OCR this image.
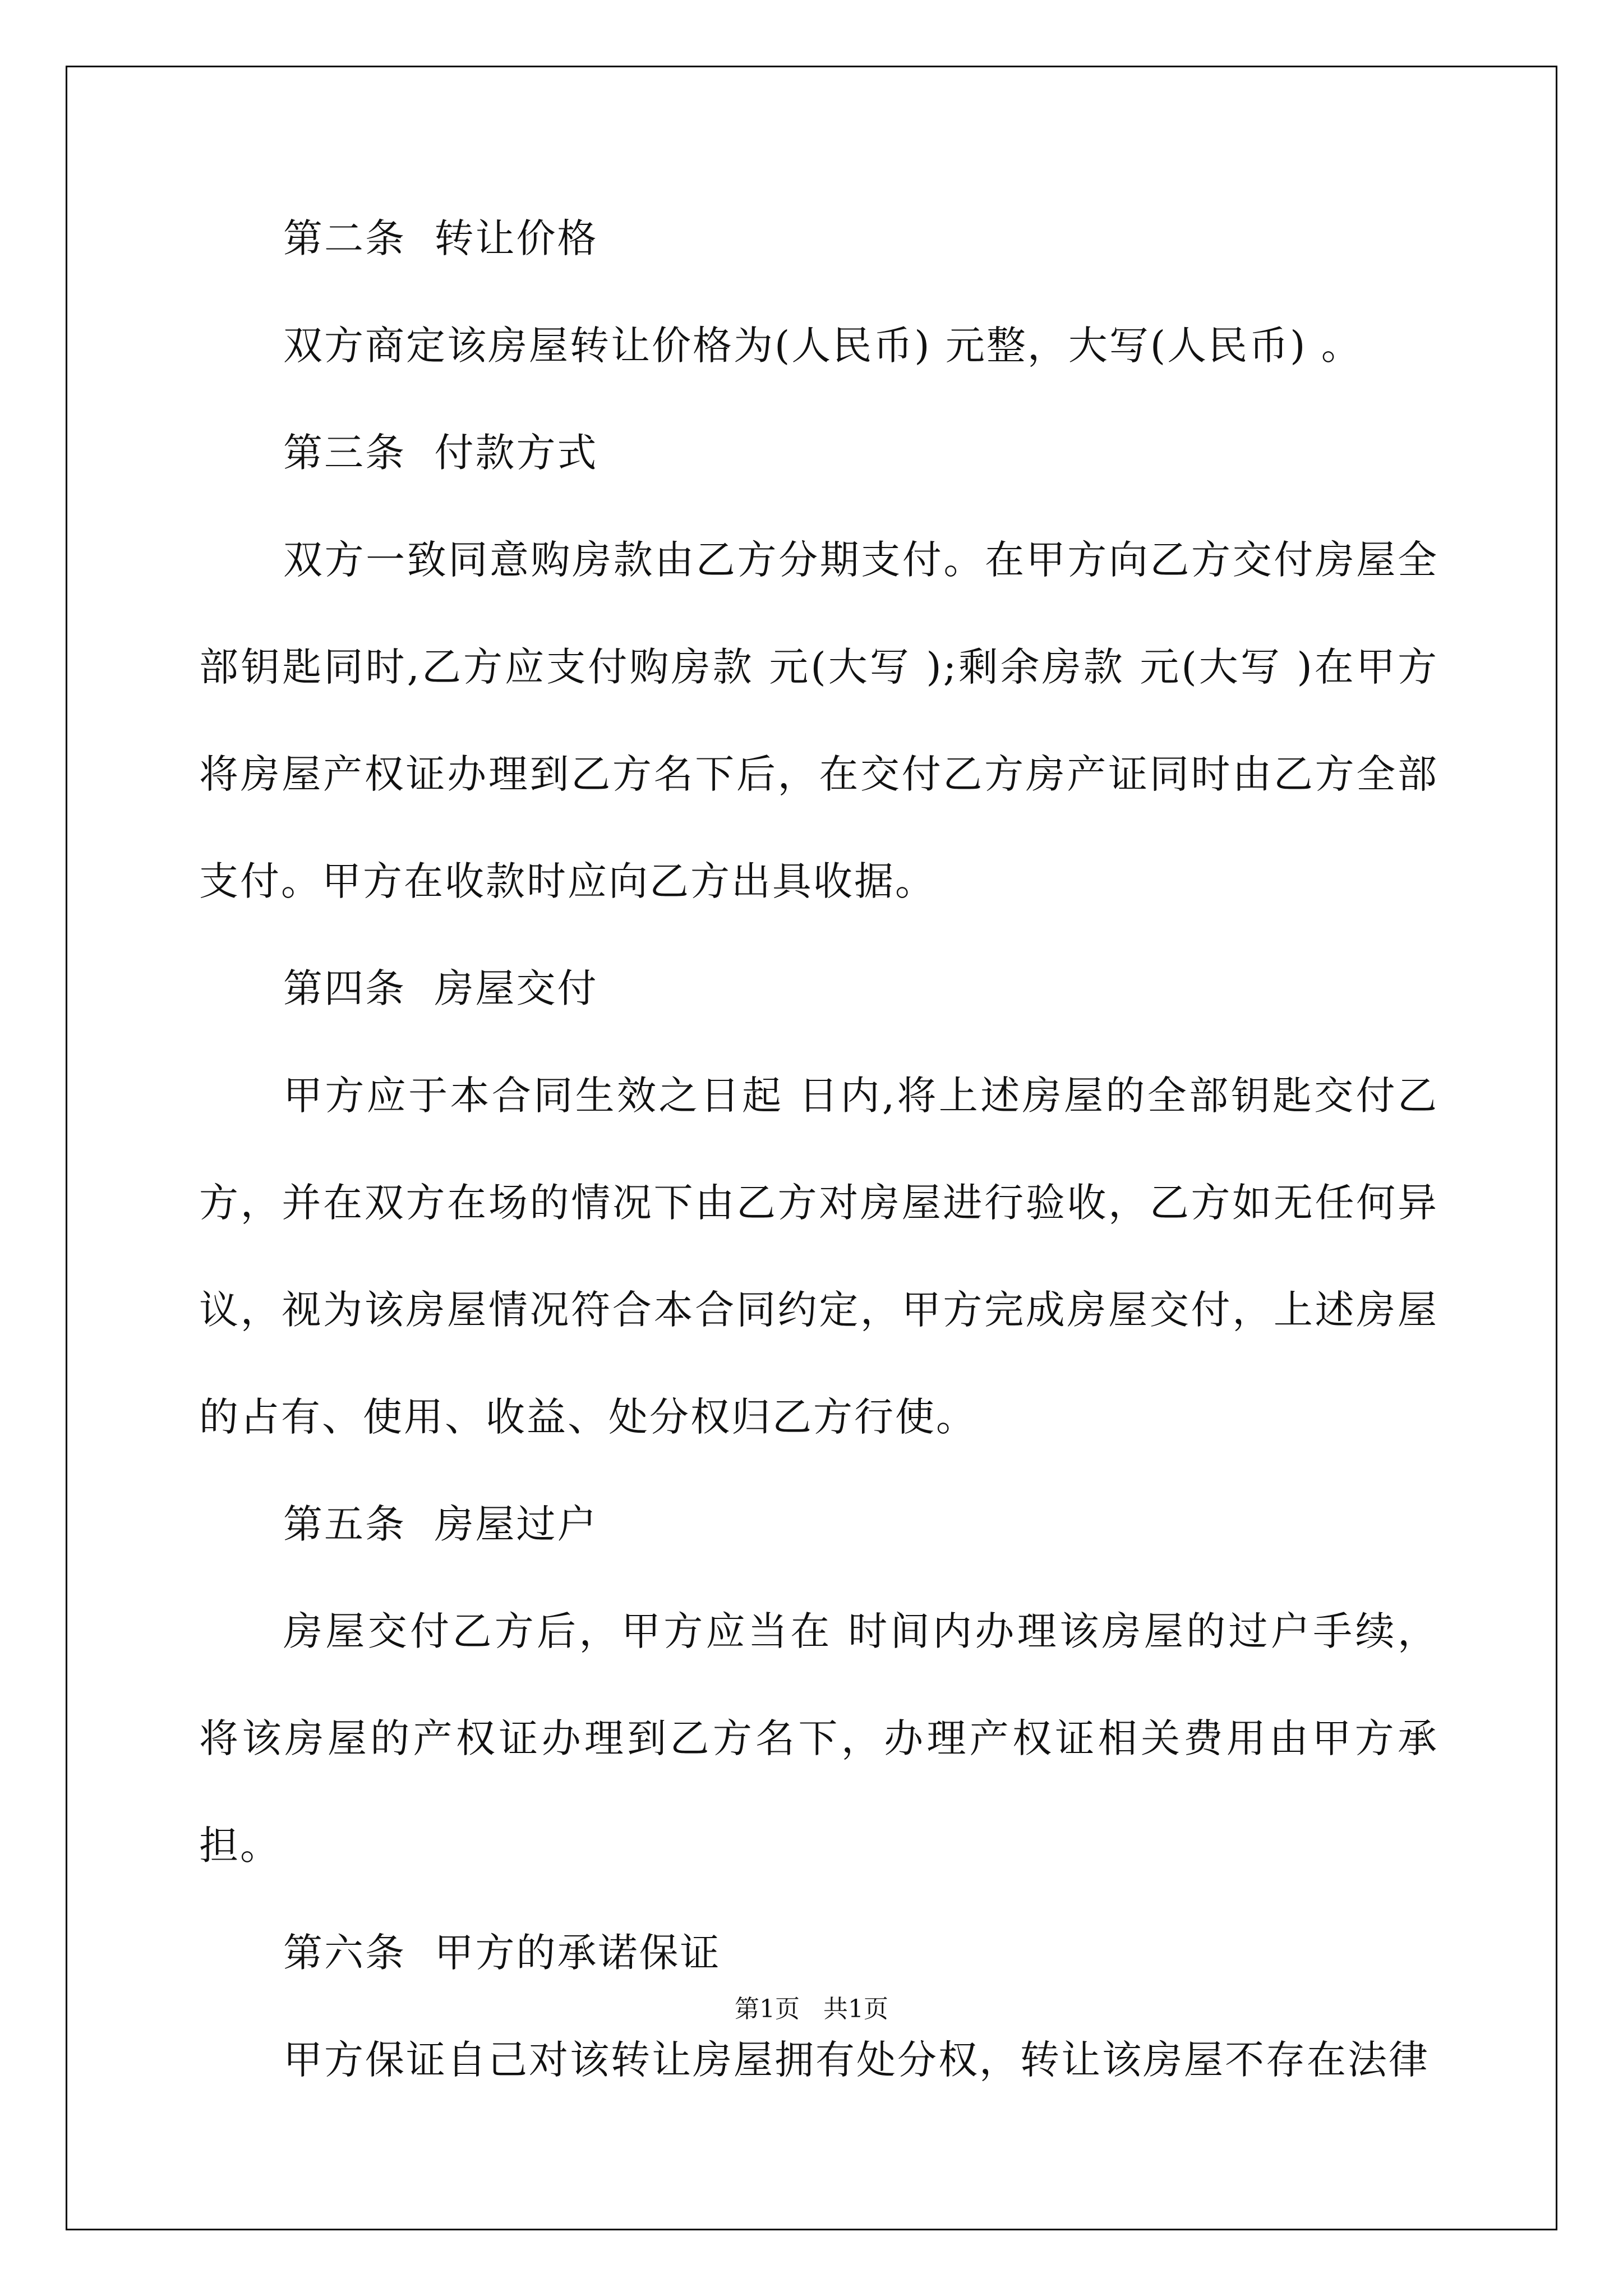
第二条  转让价格

双方商定该房屋转让价格为(人民币) 元整，大写(人民币) 。

第三条  付款方式

双方一致同意购房款由乙方分期支付。在甲方向乙方交付房屋全部钥匙同时,乙方应支付购房款 元(大写 );剩余房款 元(大写 )在甲方将房屋产权证办理到乙方名下后，在交付乙方房产证同时由乙方全部支付。甲方在收款时应向乙方出具收据。

第四条  房屋交付

甲方应于本合同生效之日起 日内,将上述房屋的全部钥匙交付乙方，并在双方在场的情况下由乙方对房屋进行验收，乙方如无任何异议，视为该房屋情况符合本合同约定，甲方完成房屋交付，上述房屋的占有、使用、收益、处分权归乙方行使。

第五条  房屋过户

房屋交付乙方后，甲方应当在 时间内办理该房屋的过户手续，将该房屋的产权证办理到乙方名下，办理产权证相关费用由甲方承担。

第六条  甲方的承诺保证

甲方保证自己对该转让房屋拥有处分权，转让该房屋不存在法律

第1页   共1页
